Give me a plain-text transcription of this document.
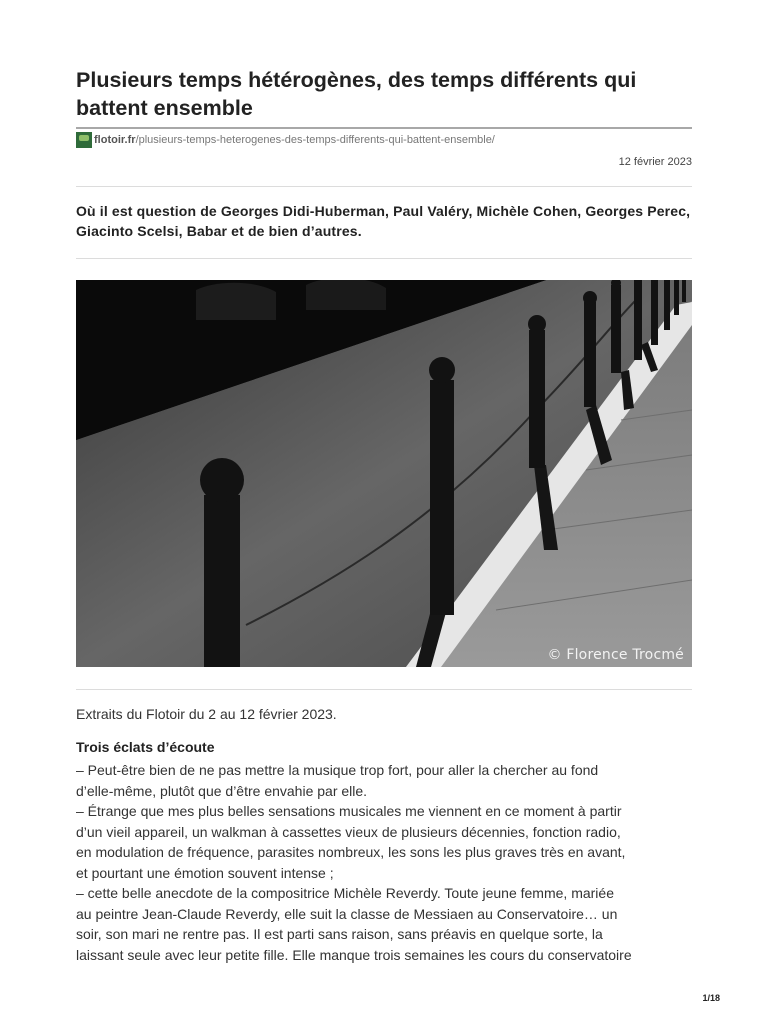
Plusieurs temps hétérogènes, des temps différents qui battent ensemble
flotoir.fr /plusieurs-temps-heterogenes-des-temps-differents-qui-battent-ensemble/
12 février 2023

Où il est question de Georges Didi-Huberman, Paul Valéry, Michèle Cohen, Georges Perec, Giacinto Scelsi, Babar et de bien d’autres.

© Florence Trocmé

Extraits du Flotoir du 2 au 12 février 2023.

Trois éclats d’écoute
– Peut-être bien de ne pas mettre la musique trop fort, pour aller la chercher au fond
d’elle-même, plutôt que d’être envahie par elle.
– Étrange que mes plus belles sensations musicales me viennent en ce moment à partir
d’un vieil appareil, un walkman à cassettes vieux de plusieurs décennies, fonction radio,
en modulation de fréquence, parasites nombreux, les sons les plus graves très en avant,
et pourtant une émotion souvent intense ;
– cette belle anecdote de la compositrice Michèle Reverdy. Toute jeune femme, mariée
au peintre Jean-Claude Reverdy, elle suit la classe de Messiaen au Conservatoire… un
soir, son mari ne rentre pas. Il est parti sans raison, sans préavis en quelque sorte, la
laissant seule avec leur petite fille. Elle manque trois semaines les cours du conservatoire
1/18
